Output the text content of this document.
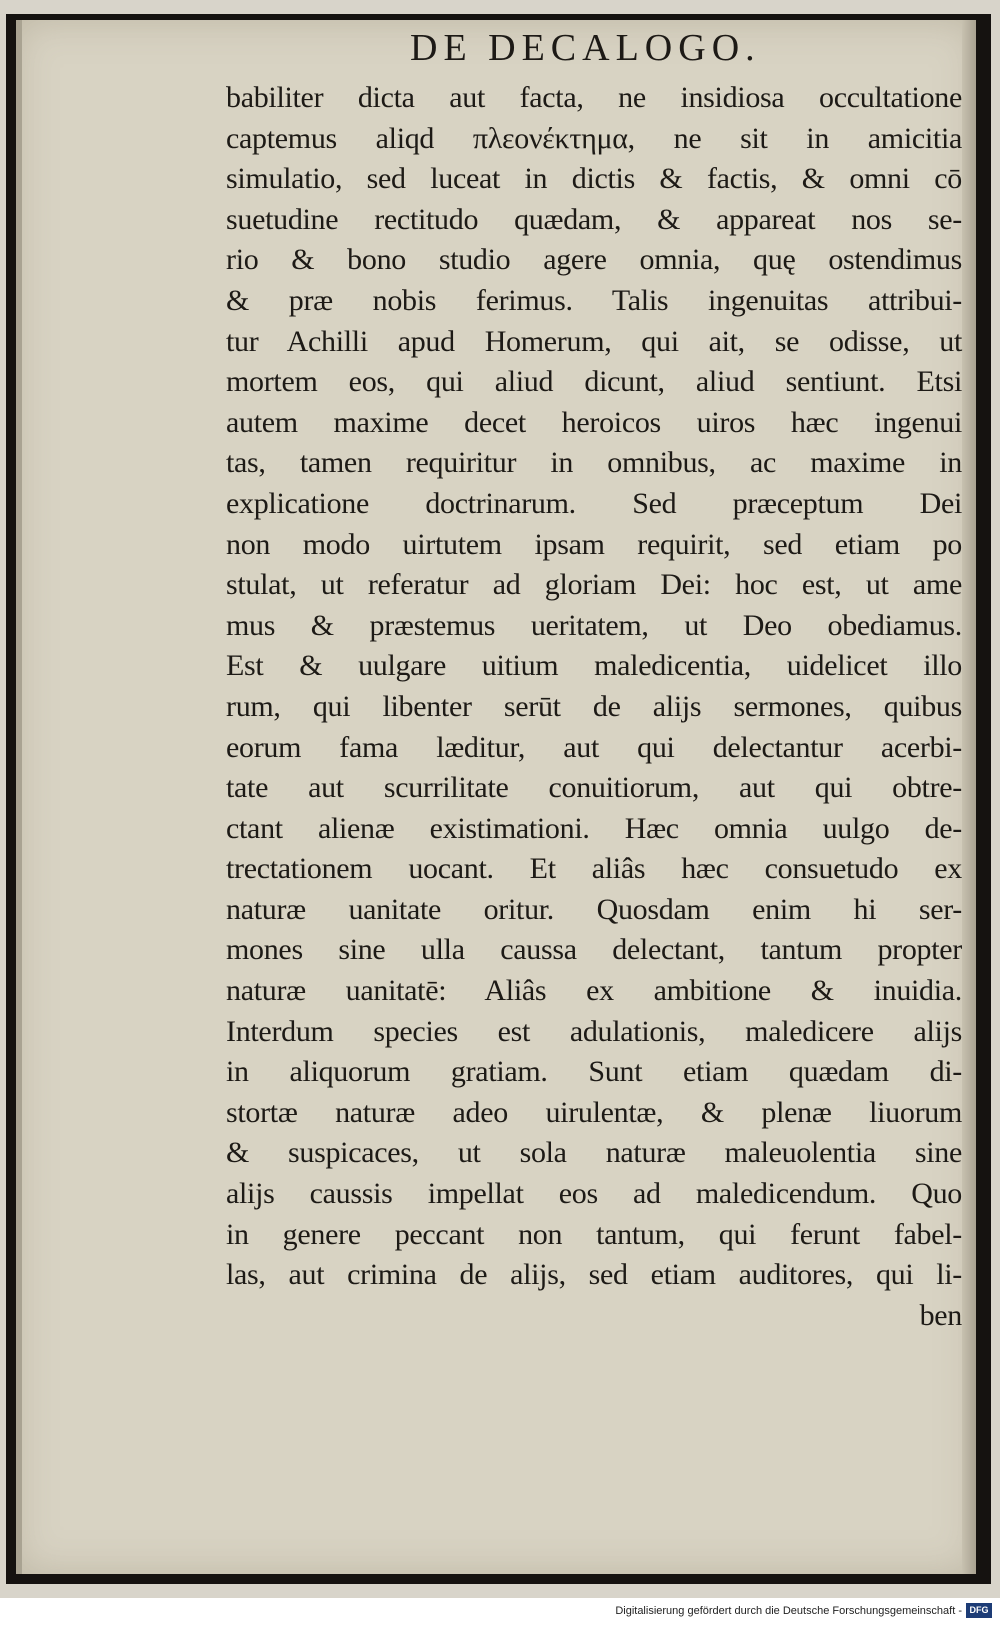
DE DECALOGO.
babiliter dicta aut facta, ne insidiosa occultatione
captemus aliqd πλεονέκτημα, ne sit in amicitia
simulatio, sed luceat in dictis & factis, & omni cō
suetudine rectitudo quædam, & appareat nos se-
rio & bono studio agere omnia, quę ostendimus
& præ nobis ferimus. Talis ingenuitas attribui-
tur Achilli apud Homerum, qui ait, se odisse, ut
mortem eos, qui aliud dicunt, aliud sentiunt. Etsi
autem maxime decet heroicos uiros hæc ingenui
tas, tamen requiritur in omnibus, ac maxime in
explicatione doctrinarum. Sed præceptum Dei
non modo uirtutem ipsam requirit, sed etiam po
stulat, ut referatur ad gloriam Dei: hoc est, ut ame
mus & præstemus ueritatem, ut Deo obediamus.
Est & uulgare uitium maledicentia, uidelicet illo
rum, qui libenter serūt de alijs sermones, quibus
eorum fama læditur, aut qui delectantur acerbi-
tate aut scurrilitate conuitiorum, aut qui obtre-
ctant alienæ existimationi. Hæc omnia uulgo de-
trectationem uocant. Et aliâs hæc consuetudo ex
naturæ uanitate oritur. Quosdam enim hi ser-
mones sine ulla caussa delectant, tantum propter
naturæ uanitatē: Aliâs ex ambitione & inuidia.
Interdum species est adulationis, maledicere alijs
in aliquorum gratiam. Sunt etiam quædam di-
stortæ naturæ adeo uirulentæ, & plenæ liuorum
& suspicaces, ut sola naturæ maleuolentia sine
alijs caussis impellat eos ad maledicendum. Quo
in genere peccant non tantum, qui ferunt fabel-
las, aut crimina de alijs, sed etiam auditores, qui li-
ben
Digitalisierung gefördert durch die Deutsche Forschungsgemeinschaft - DFG
